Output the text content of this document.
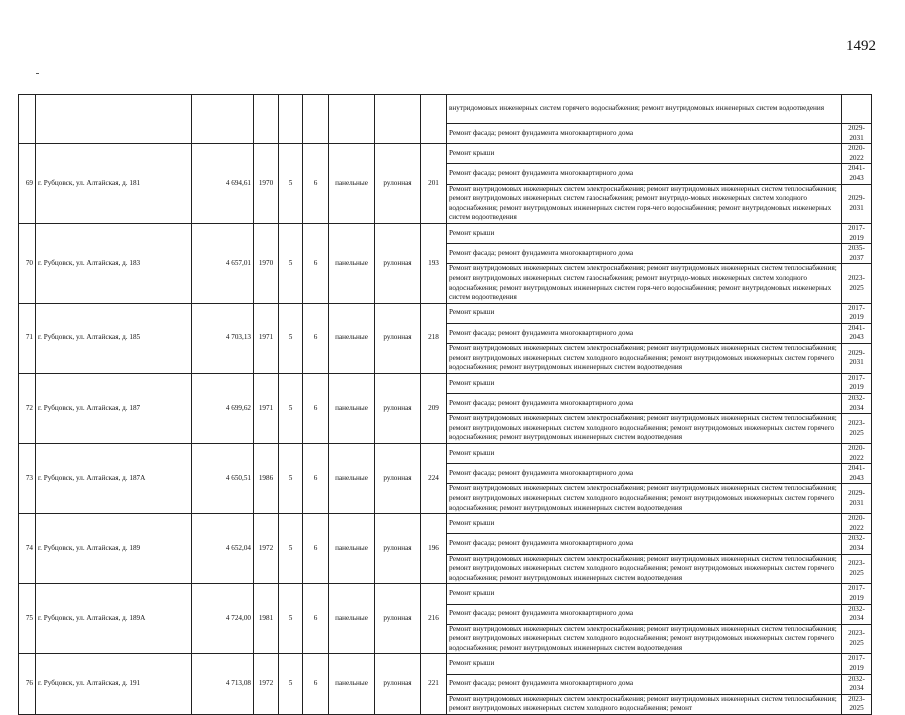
1492
									внутридомовых инженерных систем горячего водоснабжения; ремонт внутридомовых инженерных систем водоотведения	
									Ремонт фасада; ремонт фундамента многоквартирного дома	2029-2031
69	г. Рубцовск, ул. Алтайская, д. 181	4 694,61	1970	5	6	панельные	рулонная	201	Ремонт крыши	2020-2022
									Ремонт фасада; ремонт фундамента многоквартирного дома	2041-2043
									Ремонт внутридомовых инженерных систем электроснабжения; ремонт внутридомовых инженерных систем теплоснабжения; ремонт внутридомовых инженерных систем газоснабжения; ремонт внутридо-мовых инженерных систем холодного водоснабжения; ремонт внутридомовых инженерных систем горя-чего водоснабжения; ремонт внутридомовых инженерных систем водоотведения	2029-2031
70	г. Рубцовск, ул. Алтайская, д. 183	4 657,01	1970	5	6	панельные	рулонная	193	Ремонт крыши	2017-2019
									Ремонт фасада; ремонт фундамента многоквартирного дома	2035-2037
									Ремонт внутридомовых инженерных систем электроснабжения; ремонт внутридомовых инженерных систем теплоснабжения; ремонт внутридомовых инженерных систем газоснабжения; ремонт внутридо-мовых инженерных систем холодного водоснабжения; ремонт внутридомовых инженерных систем горя-чего водоснабжения; ремонт внутридомовых инженерных систем водоотведения	2023-2025
71	г. Рубцовск, ул. Алтайская, д. 185	4 703,13	1971	5	6	панельные	рулонная	218	Ремонт крыши	2017-2019
									Ремонт фасада; ремонт фундамента многоквартирного дома	2041-2043
									Ремонт внутридомовых инженерных систем электроснабжения; ремонт внутридомовых инженерных систем теплоснабжения; ремонт внутридомовых инженерных систем холодного водоснабжения; ремонт внутридомовых инженерных систем горячего водоснабжения; ремонт внутридомовых инженерных систем водоотведения	2029-2031
72	г. Рубцовск, ул. Алтайская, д. 187	4 699,62	1971	5	6	панельные	рулонная	209	Ремонт крыши	2017-2019
									Ремонт фасада; ремонт фундамента многоквартирного дома	2032-2034
									Ремонт внутридомовых инженерных систем электроснабжения; ремонт внутридомовых инженерных систем теплоснабжения; ремонт внутридомовых инженерных систем холодного водоснабжения; ремонт внутридомовых инженерных систем горячего водоснабжения; ремонт внутридомовых инженерных систем водоотведения	2023-2025
73	г. Рубцовск, ул. Алтайская, д. 187А	4 650,51	1986	5	6	панельные	рулонная	224	Ремонт крыши	2020-2022
									Ремонт фасада; ремонт фундамента многоквартирного дома	2041-2043
									Ремонт внутридомовых инженерных систем электроснабжения; ремонт внутридомовых инженерных систем теплоснабжения; ремонт внутридомовых инженерных систем холодного водоснабжения; ремонт внутридомовых инженерных систем горячего водоснабжения; ремонт внутридомовых инженерных систем водоотведения	2029-2031
74	г. Рубцовск, ул. Алтайская, д. 189	4 652,04	1972	5	6	панельные	рулонная	196	Ремонт крыши	2020-2022
									Ремонт фасада; ремонт фундамента многоквартирного дома	2032-2034
									Ремонт внутридомовых инженерных систем электроснабжения; ремонт внутридомовых инженерных систем теплоснабжения; ремонт внутридомовых инженерных систем холодного водоснабжения; ремонт внутридомовых инженерных систем горячего водоснабжения; ремонт внутридомовых инженерных систем водоотведения	2023-2025
75	г. Рубцовск, ул. Алтайская, д. 189А	4 724,00	1981	5	6	панельные	рулонная	216	Ремонт крыши	2017-2019
									Ремонт фасада; ремонт фундамента многоквартирного дома	2032-2034
									Ремонт внутридомовых инженерных систем электроснабжения; ремонт внутридомовых инженерных систем теплоснабжения; ремонт внутридомовых инженерных систем холодного водоснабжения; ремонт внутридомовых инженерных систем горячего водоснабжения; ремонт внутридомовых инженерных систем водоотведения	2023-2025
76	г. Рубцовск, ул. Алтайская, д. 191	4 713,08	1972	5	6	панельные	рулонная	221	Ремонт крыши	2017-2019
									Ремонт фасада; ремонт фундамента многоквартирного дома	2032-2034
									Ремонт внутридомовых инженерных систем электроснабжения; ремонт внутридомовых инженерных систем теплоснабжения; ремонт внутридомовых инженерных систем холодного водоснабжения; ремонт	2023-2025
